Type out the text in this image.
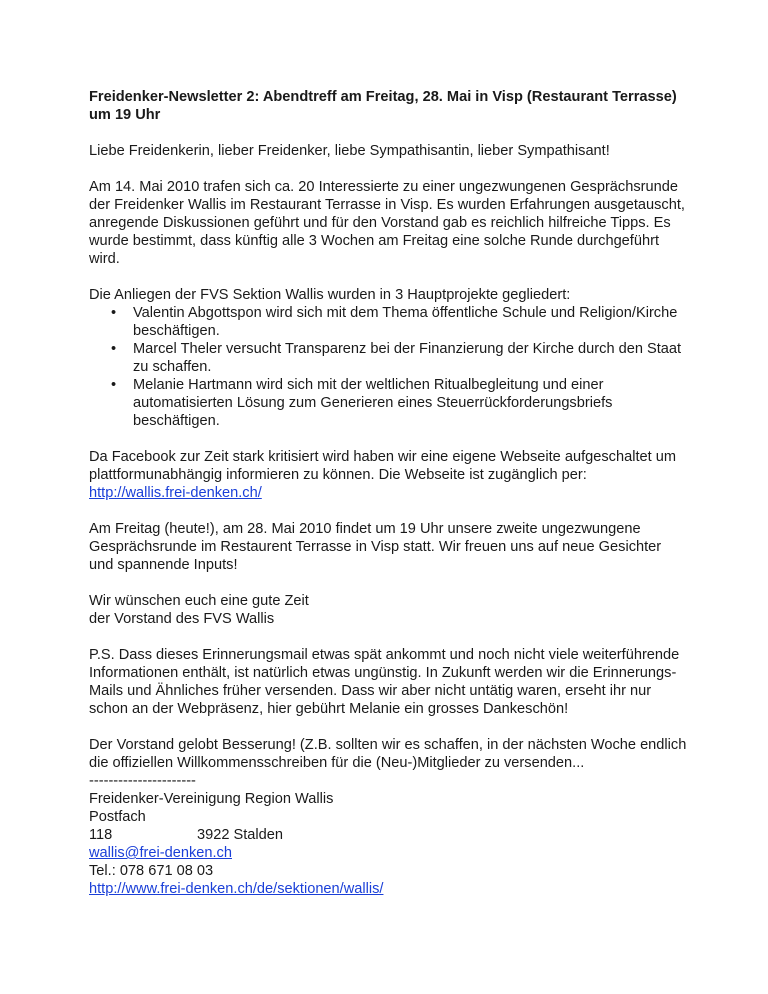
Freidenker-Newsletter 2: Abendtreff am Freitag, 28. Mai in Visp (Restaurant Terrasse) um 19 Uhr

Liebe Freidenkerin, lieber Freidenker, liebe Sympathisantin, lieber Sympathisant!

Am 14. Mai 2010 trafen sich ca. 20 Interessierte zu einer ungezwungenen Gesprächsrunde der Freidenker Wallis im Restaurant Terrasse in Visp. Es wurden Erfahrungen ausgetauscht, anregende Diskussionen geführt und für den Vorstand gab es reichlich hilfreiche Tipps. Es wurde bestimmt, dass künftig alle 3 Wochen am Freitag eine solche Runde durchgeführt wird.

Die Anliegen der FVS Sektion Wallis wurden in 3 Hauptprojekte gegliedert:

• Valentin Abgottspon wird sich mit dem Thema öffentliche Schule und Religion/Kirche beschäftigen.
• Marcel Theler versucht Transparenz bei der Finanzierung der Kirche durch den Staat zu schaffen.
• Melanie Hartmann wird sich mit der weltlichen Ritualbegleitung und einer automatisierten Lösung zum Generieren eines Steuerrückforderungsbriefs beschäftigen.

Da Facebook zur Zeit stark kritisiert wird haben wir eine eigene Webseite aufgeschaltet um plattformunabhängig informieren zu können. Die Webseite ist zugänglich per:
http://wallis.frei-denken.ch/

Am Freitag (heute!), am 28. Mai 2010 findet um 19 Uhr unsere zweite ungezwungene Gesprächsrunde im Restaurent Terrasse in Visp statt. Wir freuen uns auf neue Gesichter und spannende Inputs!

Wir wünschen euch eine gute Zeit
der Vorstand des FVS Wallis

P.S. Dass dieses Erinnerungsmail etwas spät ankommt und noch nicht viele weiterführende Informationen enthält, ist natürlich etwas ungünstig. In Zukunft werden wir die Erinnerungs-Mails und Ähnliches früher versenden. Dass wir aber nicht untätig waren, erseht ihr nur schon an der Webpräsenz, hier gebührt Melanie ein grosses Dankeschön!

Der Vorstand gelobt Besserung! (Z.B. sollten wir es schaffen, in der nächsten Woche endlich die offiziellen Willkommensschreiben für die (Neu-)Mitglieder zu versenden...

----------------------
Freidenker-Vereinigung Region Wallis
Postfach 118	3922 Stalden
wallis@frei-denken.ch
Tel.: 078 671 08 03
http://www.frei-denken.ch/de/sektionen/wallis/
